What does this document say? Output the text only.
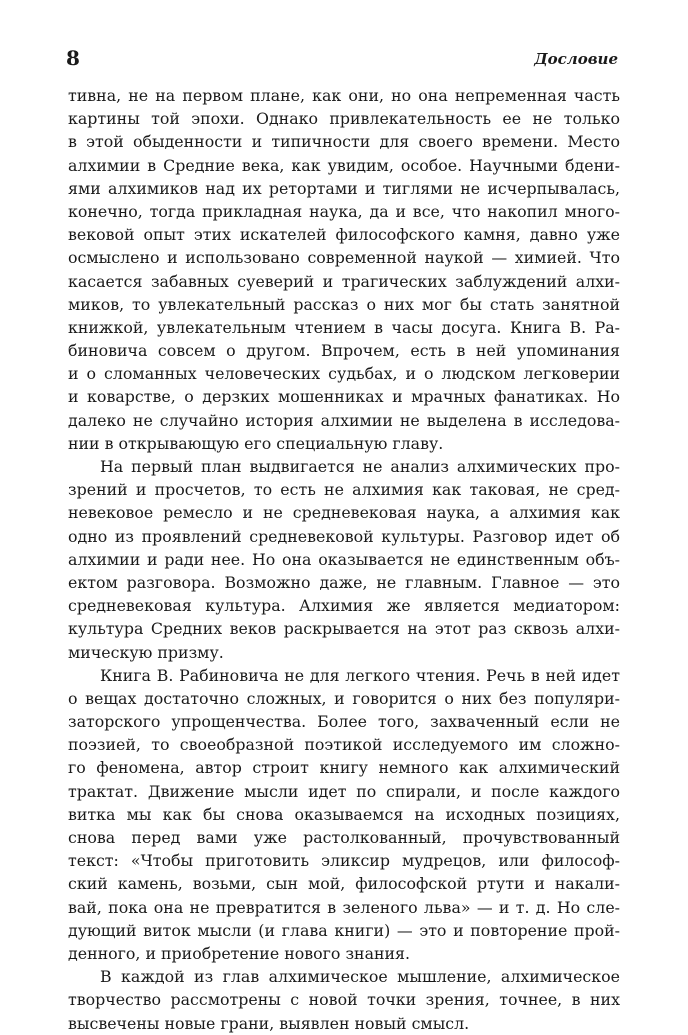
8	Дословие
тивна, не на первом плане, как они, но она непременная часть
картины той эпохи. Однако привлекательность ее не только
в этой обыденности и типичности для своего времени. Место
алхимии в Средние века, как увидим, особое. Научными бдени-
ями алхимиков над их ретортами и тиглями не исчерпывалась,
конечно, тогда прикладная наука, да и все, что накопил много-
вековой опыт этих искателей философского камня, давно уже
осмыслено и использовано современной наукой — химией. Что
касается забавных суеверий и трагических заблуждений алхи-
миков, то увлекательный рассказ о них мог бы стать занятной
книжкой, увлекательным чтением в часы досуга. Книга В. Ра-
биновича совсем о другом. Впрочем, есть в ней упоминания
и о сломанных человеческих судьбах, и о людском легковерии
и коварстве, о дерзких мошенниках и мрачных фанатиках. Но
далеко не случайно история алхимии не выделена в исследова-
нии в открывающую его специальную главу.
На первый план выдвигается не анализ алхимических про-
зрений и просчетов, то есть не алхимия как таковая, не сред-
невековое ремесло и не средневековая наука, а алхимия как
одно из проявлений средневековой культуры. Разговор идет об
алхимии и ради нее. Но она оказывается не единственным объ-
ектом разговора. Возможно даже, не главным. Главное — это
средневековая культура. Алхимия же является медиатором:
культура Средних веков раскрывается на этот раз сквозь алхи-
мическую призму.
Книга В. Рабиновича не для легкого чтения. Речь в ней идет
о вещах достаточно сложных, и говорится о них без популяри-
заторского упрощенчества. Более того, захваченный если не
поэзией, то своеобразной поэтикой исследуемого им сложно-
го феномена, автор строит книгу немного как алхимический
трактат. Движение мысли идет по спирали, и после каждого
витка мы как бы снова оказываемся на исходных позициях,
снова перед вами уже растолкованный, прочувствованный
текст: «Чтобы приготовить эликсир мудрецов, или философ-
ский камень, возьми, сын мой, философской ртути и накали-
вай, пока она не превратится в зеленого льва» — и т. д. Но сле-
дующий виток мысли (и глава книги) — это и повторение прой-
денного, и приобретение нового знания.
В каждой из глав алхимическое мышление, алхимическое
творчество рассмотрены с новой точки зрения, точнее, в них
высвечены новые грани, выявлен новый смысл.
